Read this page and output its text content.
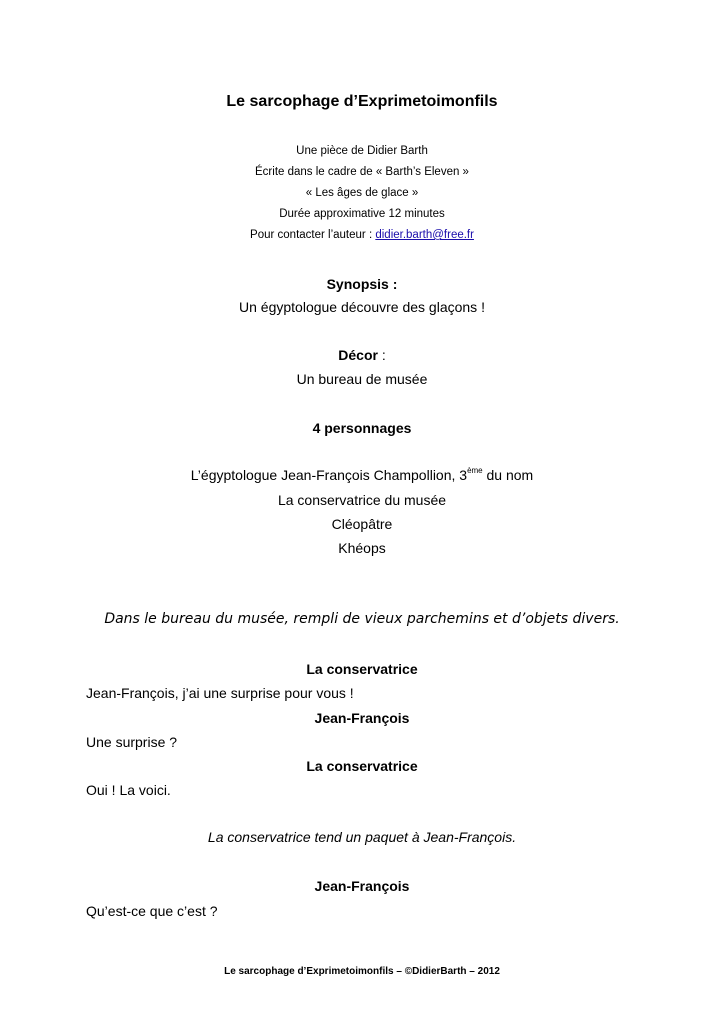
Le sarcophage d’Exprimetoimonfils
Une pièce de Didier Barth
Écrite dans le cadre de « Barth’s Eleven »
« Les âges de glace »
Durée approximative 12 minutes
Pour contacter l’auteur : didier.barth@free.fr
Synopsis :
Un égyptologue découvre des glaçons !
Décor :
Un bureau de musée
4 personnages
L’égyptologue Jean-François Champollion, 3ème du nom
La conservatrice du musée
Cléopâtre
Khéops
Dans le bureau du musée, rempli de vieux parchemins et d’objets divers.
La conservatrice
Jean-François, j’ai une surprise pour vous !
Jean-François
Une surprise ?
La conservatrice
Oui ! La voici.
La conservatrice tend un paquet à Jean-François.
Jean-François
Qu’est-ce que c’est ?
Le sarcophage d’Exprimetoimonfils – ©DidierBarth – 2012
